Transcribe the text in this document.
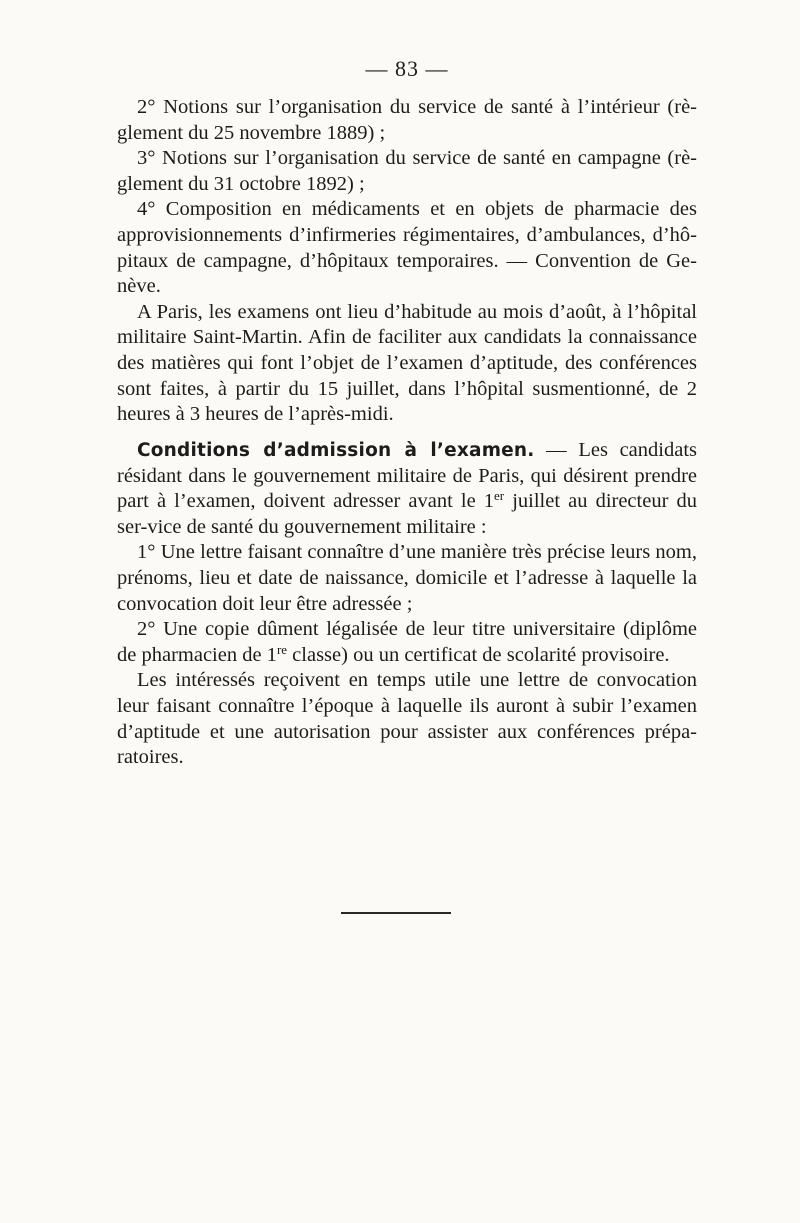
— 83 —

2° Notions sur l’organisation du service de santé à l’intérieur (rè-glement du 25 novembre 1889) ;

3° Notions sur l’organisation du service de santé en campagne (rè-glement du 31 octobre 1892) ;

4° Composition en médicaments et en objets de pharmacie des approvisionnements d’infirmeries régimentaires, d’ambulances, d’hô-pitaux de campagne, d’hôpitaux temporaires. — Convention de Ge-nève.

A Paris, les examens ont lieu d’habitude au mois d’août, à l’hôpital militaire Saint-Martin. Afin de faciliter aux candidats la connaissance des matières qui font l’objet de l’examen d’aptitude, des conférences sont faites, à partir du 15 juillet, dans l’hôpital susmentionné, de 2 heures à 3 heures de l’après-midi.

Conditions d’admission à l’examen. — Les candidats résidant dans le gouvernement militaire de Paris, qui désirent prendre part à l’examen, doivent adresser avant le 1er juillet au directeur du ser-vice de santé du gouvernement militaire :

1° Une lettre faisant connaître d’une manière très précise leurs nom, prénoms, lieu et date de naissance, domicile et l’adresse à laquelle la convocation doit leur être adressée ;

2° Une copie dûment légalisée de leur titre universitaire (diplôme de pharmacien de 1re classe) ou un certificat de scolarité provisoire.

Les intéressés reçoivent en temps utile une lettre de convocation leur faisant connaître l’époque à laquelle ils auront à subir l’examen d’aptitude et une autorisation pour assister aux conférences prépa-ratoires.
